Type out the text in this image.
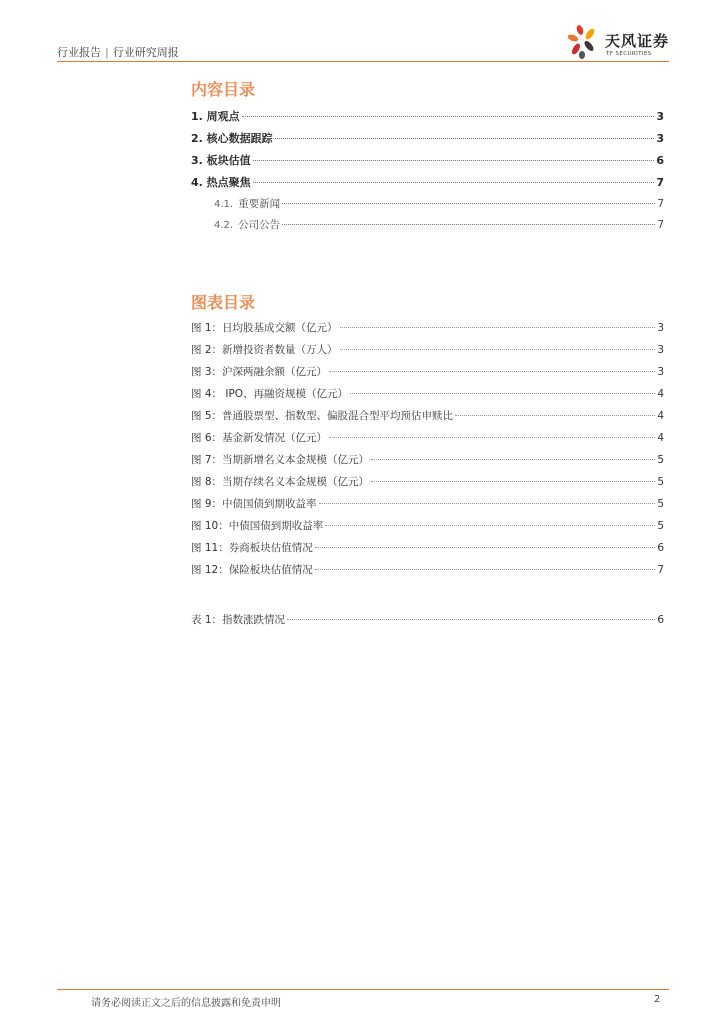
行业报告 | 行业研究周报
天风证券
TF SECURITIES
内容目录
1. 周观点	3
2. 核心数据跟踪	3
3. 板块估值	6
4. 热点聚焦	7
4.1. 重要新闻	7
4.2. 公司公告	7
图表目录
图 1：日均股基成交额（亿元）	3
图 2：新增投资者数量（万人）	3
图 3：沪深两融余额（亿元）	3
图 4： IPO、再融资规模（亿元）	4
图 5：普通股票型、指数型、偏股混合型平均预估申赎比	4
图 6：基金新发情况（亿元）	4
图 7：当期新增名义本金规模（亿元）	5
图 8：当期存续名义本金规模（亿元）	5
图 9：中债国债到期收益率	5
图 10：中债国债到期收益率	5
图 11：券商板块估值情况	6
图 12：保险板块估值情况	7
表 1：指数涨跌情况	6
请务必阅读正文之后的信息披露和免责申明	2
